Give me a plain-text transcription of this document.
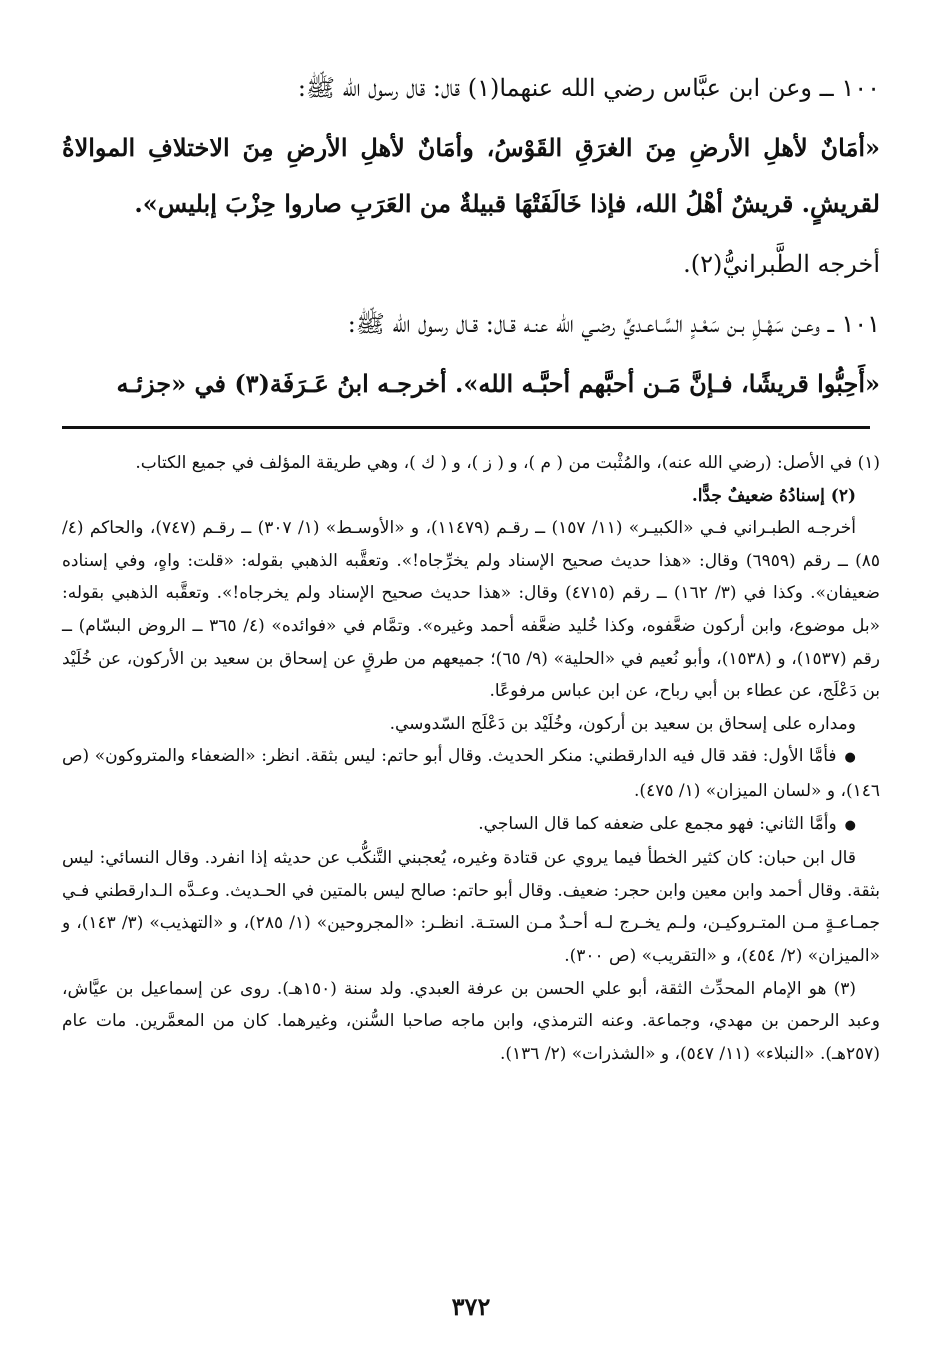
١٠٠ ــ وعن ابن عبَّاس رضي الله عنهما(١) قال: قال رسول الله ﷺ:

«أمَانٌ لأهلِ الأرضِ مِنَ الغرَقِ القَوْسُ، وأمَانٌ لأهلِ الأرضِ مِنَ الاختلافِ الموالاةُ لقريشٍ. قريشٌ أهْلُ الله، فإذا خَالَفَتْهَا قبيلةٌ من العَرَبِ صاروا حِزْبَ إبليس».

أخرجه الطَّبرانيُّ(٢).

١٠١ ــ وعـن سَهْـلِ بـن سَعْـدٍ السَّـاعـديِّ رضـي الله عنـه قـال: قـال رسول الله ﷺ:

«أَحِبُّوا قريشًا، فـإنَّ مَـن أحبَّهم أحبَّـه الله». أخرجـه ابنُ عَـرَفَة(٣) في «جزئـه

(١) في الأصل: (رضي الله عنه)، والمُثْبت من ( م )، و ( ز )، و ( ك )، وهي طريقة المؤلف في جميع الكتاب.

(٢) إسنادُهُ ضعيفٌ جدًّا.

أخرجـه الطبـراني فـي «الكبيـر» (١١/ ١٥٧) ــ رقـم (١١٤٧٩)، و «الأوسـط» (١/ ٣٠٧) ــ رقـم (٧٤٧)، والحاكم (٤/ ٨٥) ــ رقم (٦٩٥٩) وقال: «هذا حديث صحيح الإسناد ولم يخرِّجاه!». وتعقَّبه الذهبي بقوله: «قلت: واهٍ، وفي إسناده ضعيفان». وكذا في (٣/ ١٦٢) ــ رقم (٤٧١٥) وقال: «هذا حديث صحيح الإسناد ولم يخرجاه!». وتعقَّبه الذهبي بقوله: «بل موضوع، وابن أركون ضعَّفوه، وكذا خُليد ضعَّفه أحمد وغيره». وتمَّام في «فوائده» (٤/ ٣٦٥ ــ الروض البسّام) ــ رقم (١٥٣٧)، و (١٥٣٨)، وأبو نُعيم في «الحلية» (٩/ ٦٥)؛ جميعهم من طرقٍ عن إسحاق بن سعيد بن الأركون، عن خُلَيْد بن دَعْلَج، عن عطاء بن أبي رباح، عن ابن عباس مرفوعًا.

ومداره على إسحاق بن سعيد بن أركون، وخُلَيْد بن دَعْلَج السّدوسي.

● فأمَّا الأول: فقد قال فيه الدارقطني: منكر الحديث. وقال أبو حاتم: ليس بثقة. انظر: «الضعفاء والمتروكون» (ص ١٤٦)، و «لسان الميزان» (١/ ٤٧٥).

● وأمَّا الثاني: فهو مجمع على ضعفه كما قال الساجي.

قال ابن حبان: كان كثير الخطأ فيما يروي عن قتادة وغيره، يُعجبني التَّنكُّب عن حديثه إذا انفرد. وقال النسائي: ليس بثقة. وقال أحمد وابن معين وابن حجر: ضعيف. وقال أبو حاتم: صالح ليس بالمتين في الحـديث. وعـدَّه الـدارقطني فـي جمـاعـةٍ مـن المتـروكيـن، ولـم يخـرج لـه أحـدٌ مـن الستـة. انظـر: «المجروحين» (١/ ٢٨٥)، و «التهذيب» (٣/ ١٤٣)، و «الميزان» (٢/ ٤٥٤)، و «التقريب» (ص ٣٠٠).

(٣) هو الإمام المحدِّث الثقة، أبو علي الحسن بن عرفة العبدي. ولد سنة (١٥٠هـ). روى عن إسماعيل بن عيَّاش، وعبد الرحمن بن مهدي، وجماعة. وعنه الترمذي، وابن ماجه صاحبا السُّنن، وغيرهما. كان من المعمَّرين. مات عام (٢٥٧هـ). «النبلاء» (١١/ ٥٤٧)، و «الشذرات» (٢/ ١٣٦).

٣٧٢
